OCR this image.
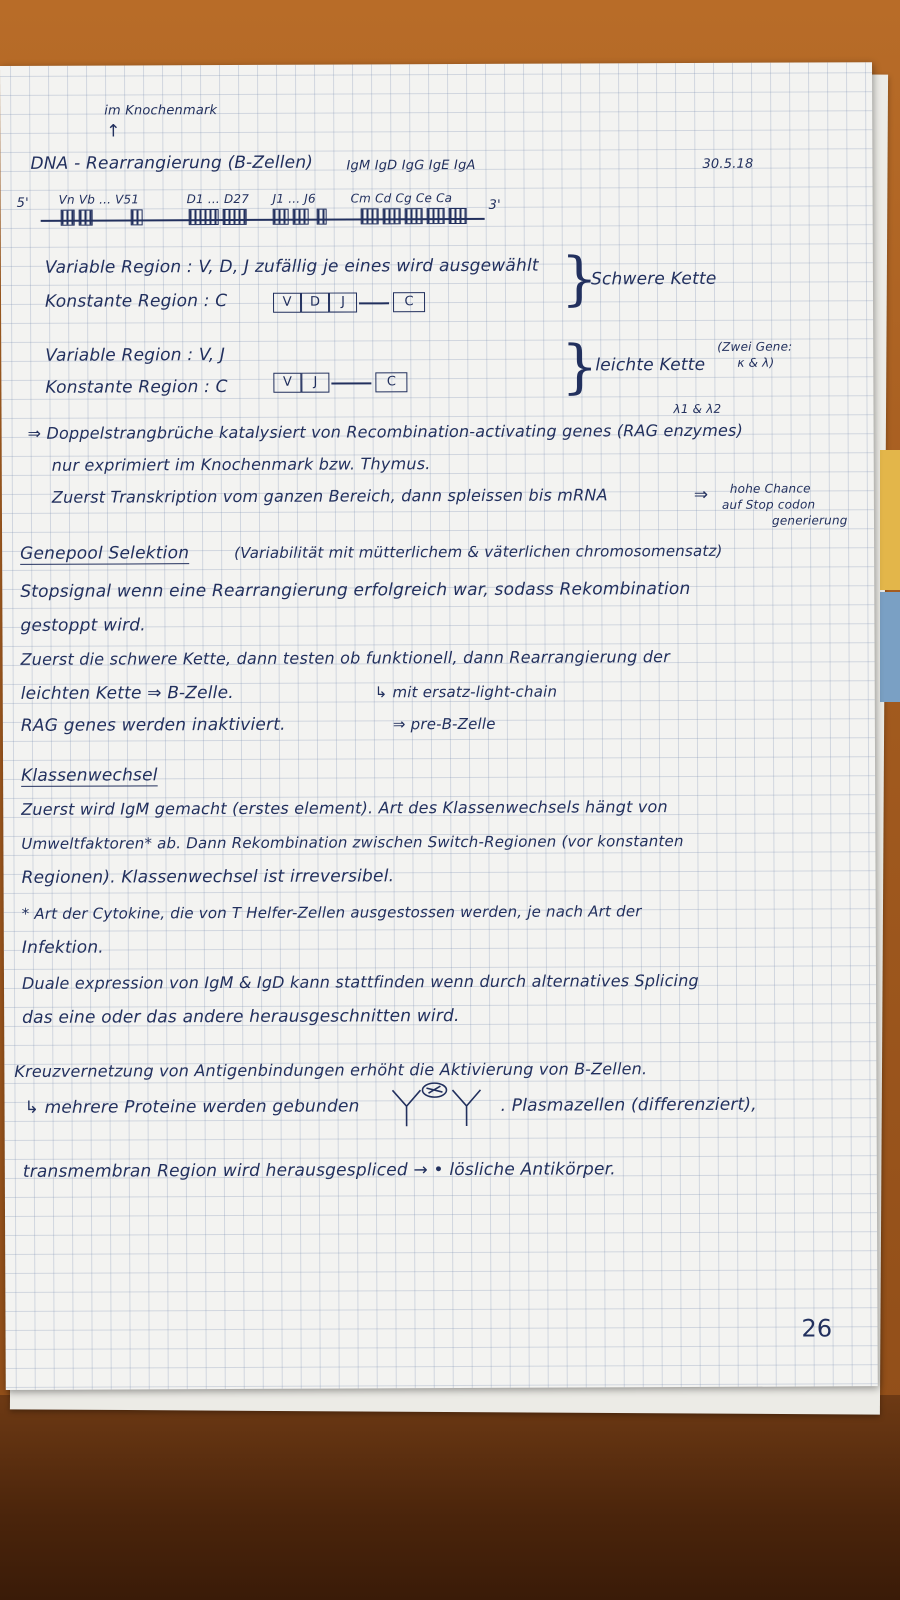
im Knochenmark
↑
DNA - Rearrangierung (B-Zellen)	IgM IgD IgG IgE IgA	30.5.18
5' Vn Vb ... V51	D1 ... D27 J1 ... J6	Cm Cd Cg Ce Ca	3'
Variable Region : V, D, J zufällig je eines wird ausgewählt
Konstante Region : C	V	D	J	C	}
Schwere Kette
Variable Region : V, J
Konstante Region : C	V	J	C	}
leichte Kette
(Zwei Gene:
κ & λ)
λ1 & λ2
⇒ Doppelstrangbrüche katalysiert von Recombination-activating genes (RAG enzymes)
nur exprimiert im Knochenmark bzw. Thymus.
Zuerst Transkription vom ganzen Bereich, dann spleissen bis mRNA	⇒ hohe Chance
auf Stop codon
generierung
Genepool Selektion	(Variabilität mit mütterlichem & väterlichen chromosomensatz)
Stopsignal wenn eine Rearrangierung erfolgreich war, sodass Rekombination
gestoppt wird.
Zuerst die schwere Kette, dann testen ob funktionell, dann Rearrangierung der
leichten Kette ⇒ B-Zelle.	↳ mit ersatz-light-chain
RAG genes werden inaktiviert.	⇒ pre-B-Zelle
Klassenwechsel
Zuerst wird IgM gemacht (erstes element). Art des Klassenwechsels hängt von
Umweltfaktoren* ab. Dann Rekombination zwischen Switch-Regionen (vor konstanten
Regionen). Klassenwechsel ist irreversibel.
* Art der Cytokine, die von T Helfer-Zellen ausgestossen werden, je nach Art der
Infektion.
Duale expression von IgM & IgD kann stattfinden wenn durch alternatives Splicing
das eine oder das andere herausgeschnitten wird.
Kreuzvernetzung von Antigenbindungen erhöht die Aktivierung von B-Zellen.
↳ mehrere Proteine werden gebunden	. Plasmazellen (differenziert),
transmembran Region wird herausgespliced → • lösliche Antikörper.
26
